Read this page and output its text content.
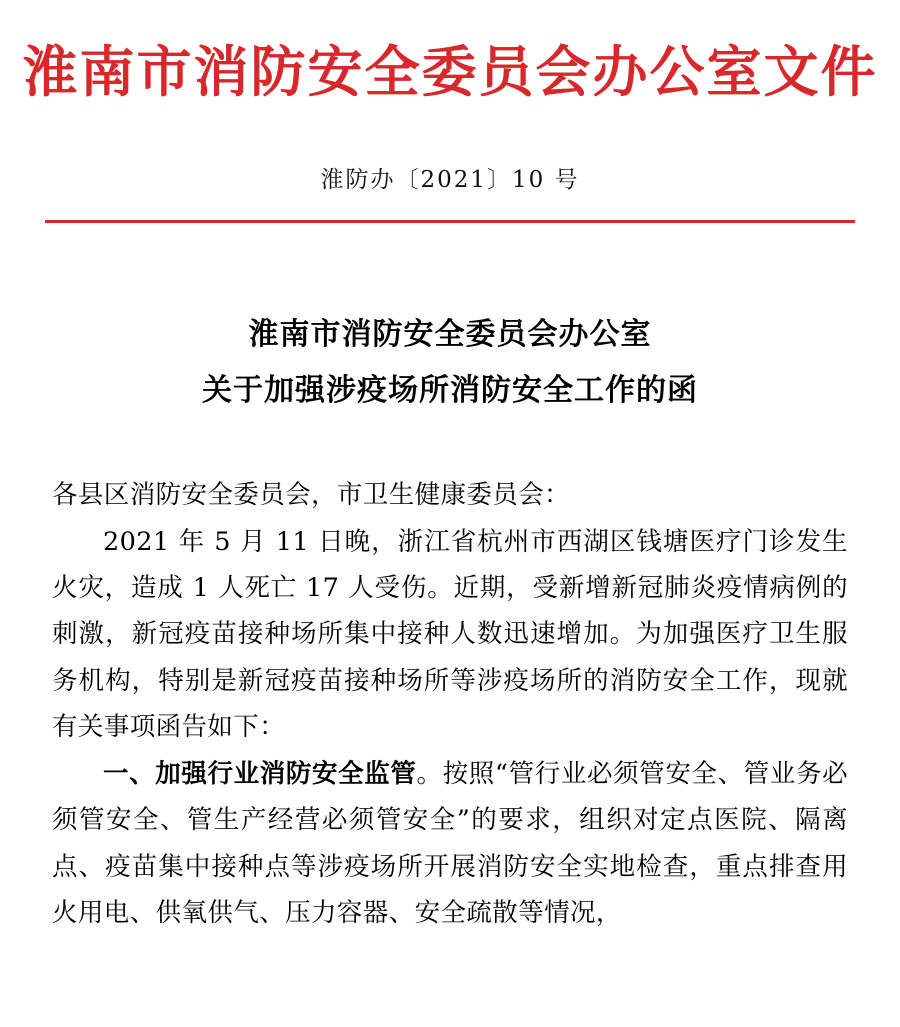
淮南市消防安全委员会办公室文件
淮防办〔2021〕10 号
淮南市消防安全委员会办公室
关于加强涉疫场所消防安全工作的函

各县区消防安全委员会，市卫生健康委员会：

2021 年 5 月 11 日晚，浙江省杭州市西湖区钱塘医疗门诊发生火灾，造成 1 人死亡 17 人受伤。近期，受新增新冠肺炎疫情病例的刺激，新冠疫苗接种场所集中接种人数迅速增加。为加强医疗卫生服务机构，特别是新冠疫苗接种场所等涉疫场所的消防安全工作，现就有关事项函告如下：

一、加强行业消防安全监管。按照“管行业必须管安全、管业务必须管安全、管生产经营必须管安全”的要求，组织对定点医院、隔离点、疫苗集中接种点等涉疫场所开展消防安全实地检查，重点排查用火用电、供氧供气、压力容器、安全疏散等情况，
